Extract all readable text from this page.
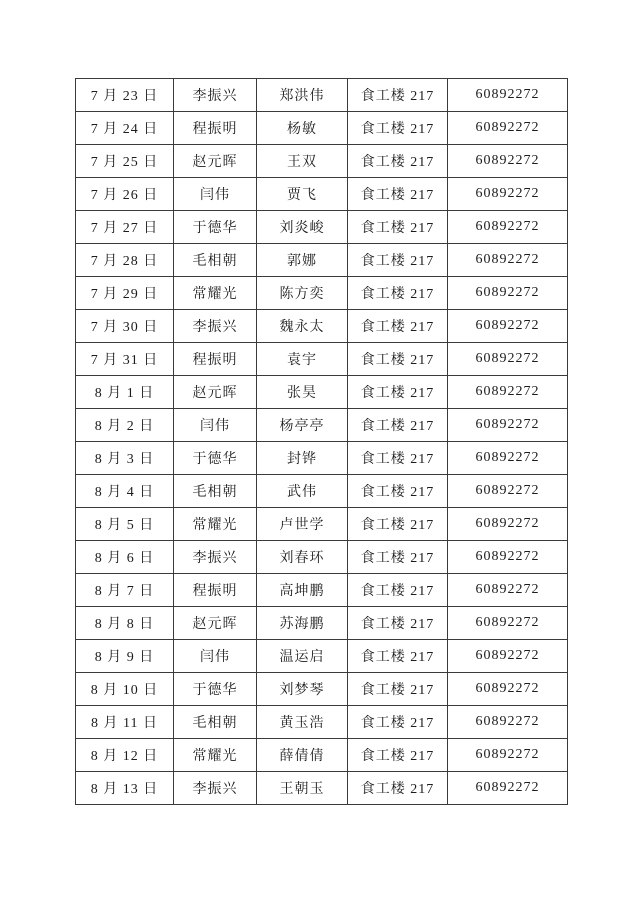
7 月 23 日	李振兴	郑洪伟	食工楼 217	60892272
7 月 24 日	程振明	杨敏	食工楼 217	60892272
7 月 25 日	赵元晖	王双	食工楼 217	60892272
7 月 26 日	闫伟	贾飞	食工楼 217	60892272
7 月 27 日	于德华	刘炎峻	食工楼 217	60892272
7 月 28 日	毛相朝	郭娜	食工楼 217	60892272
7 月 29 日	常耀光	陈方奕	食工楼 217	60892272
7 月 30 日	李振兴	魏永太	食工楼 217	60892272
7 月 31 日	程振明	袁宇	食工楼 217	60892272
8 月 1 日	赵元晖	张昊	食工楼 217	60892272
8 月 2 日	闫伟	杨亭亭	食工楼 217	60892272
8 月 3 日	于德华	封铧	食工楼 217	60892272
8 月 4 日	毛相朝	武伟	食工楼 217	60892272
8 月 5 日	常耀光	卢世学	食工楼 217	60892272
8 月 6 日	李振兴	刘春环	食工楼 217	60892272
8 月 7 日	程振明	高坤鹏	食工楼 217	60892272
8 月 8 日	赵元晖	苏海鹏	食工楼 217	60892272
8 月 9 日	闫伟	温运启	食工楼 217	60892272
8 月 10 日	于德华	刘梦琴	食工楼 217	60892272
8 月 11 日	毛相朝	黄玉浩	食工楼 217	60892272
8 月 12 日	常耀光	薛倩倩	食工楼 217	60892272
8 月 13 日	李振兴	王朝玉	食工楼 217	60892272
